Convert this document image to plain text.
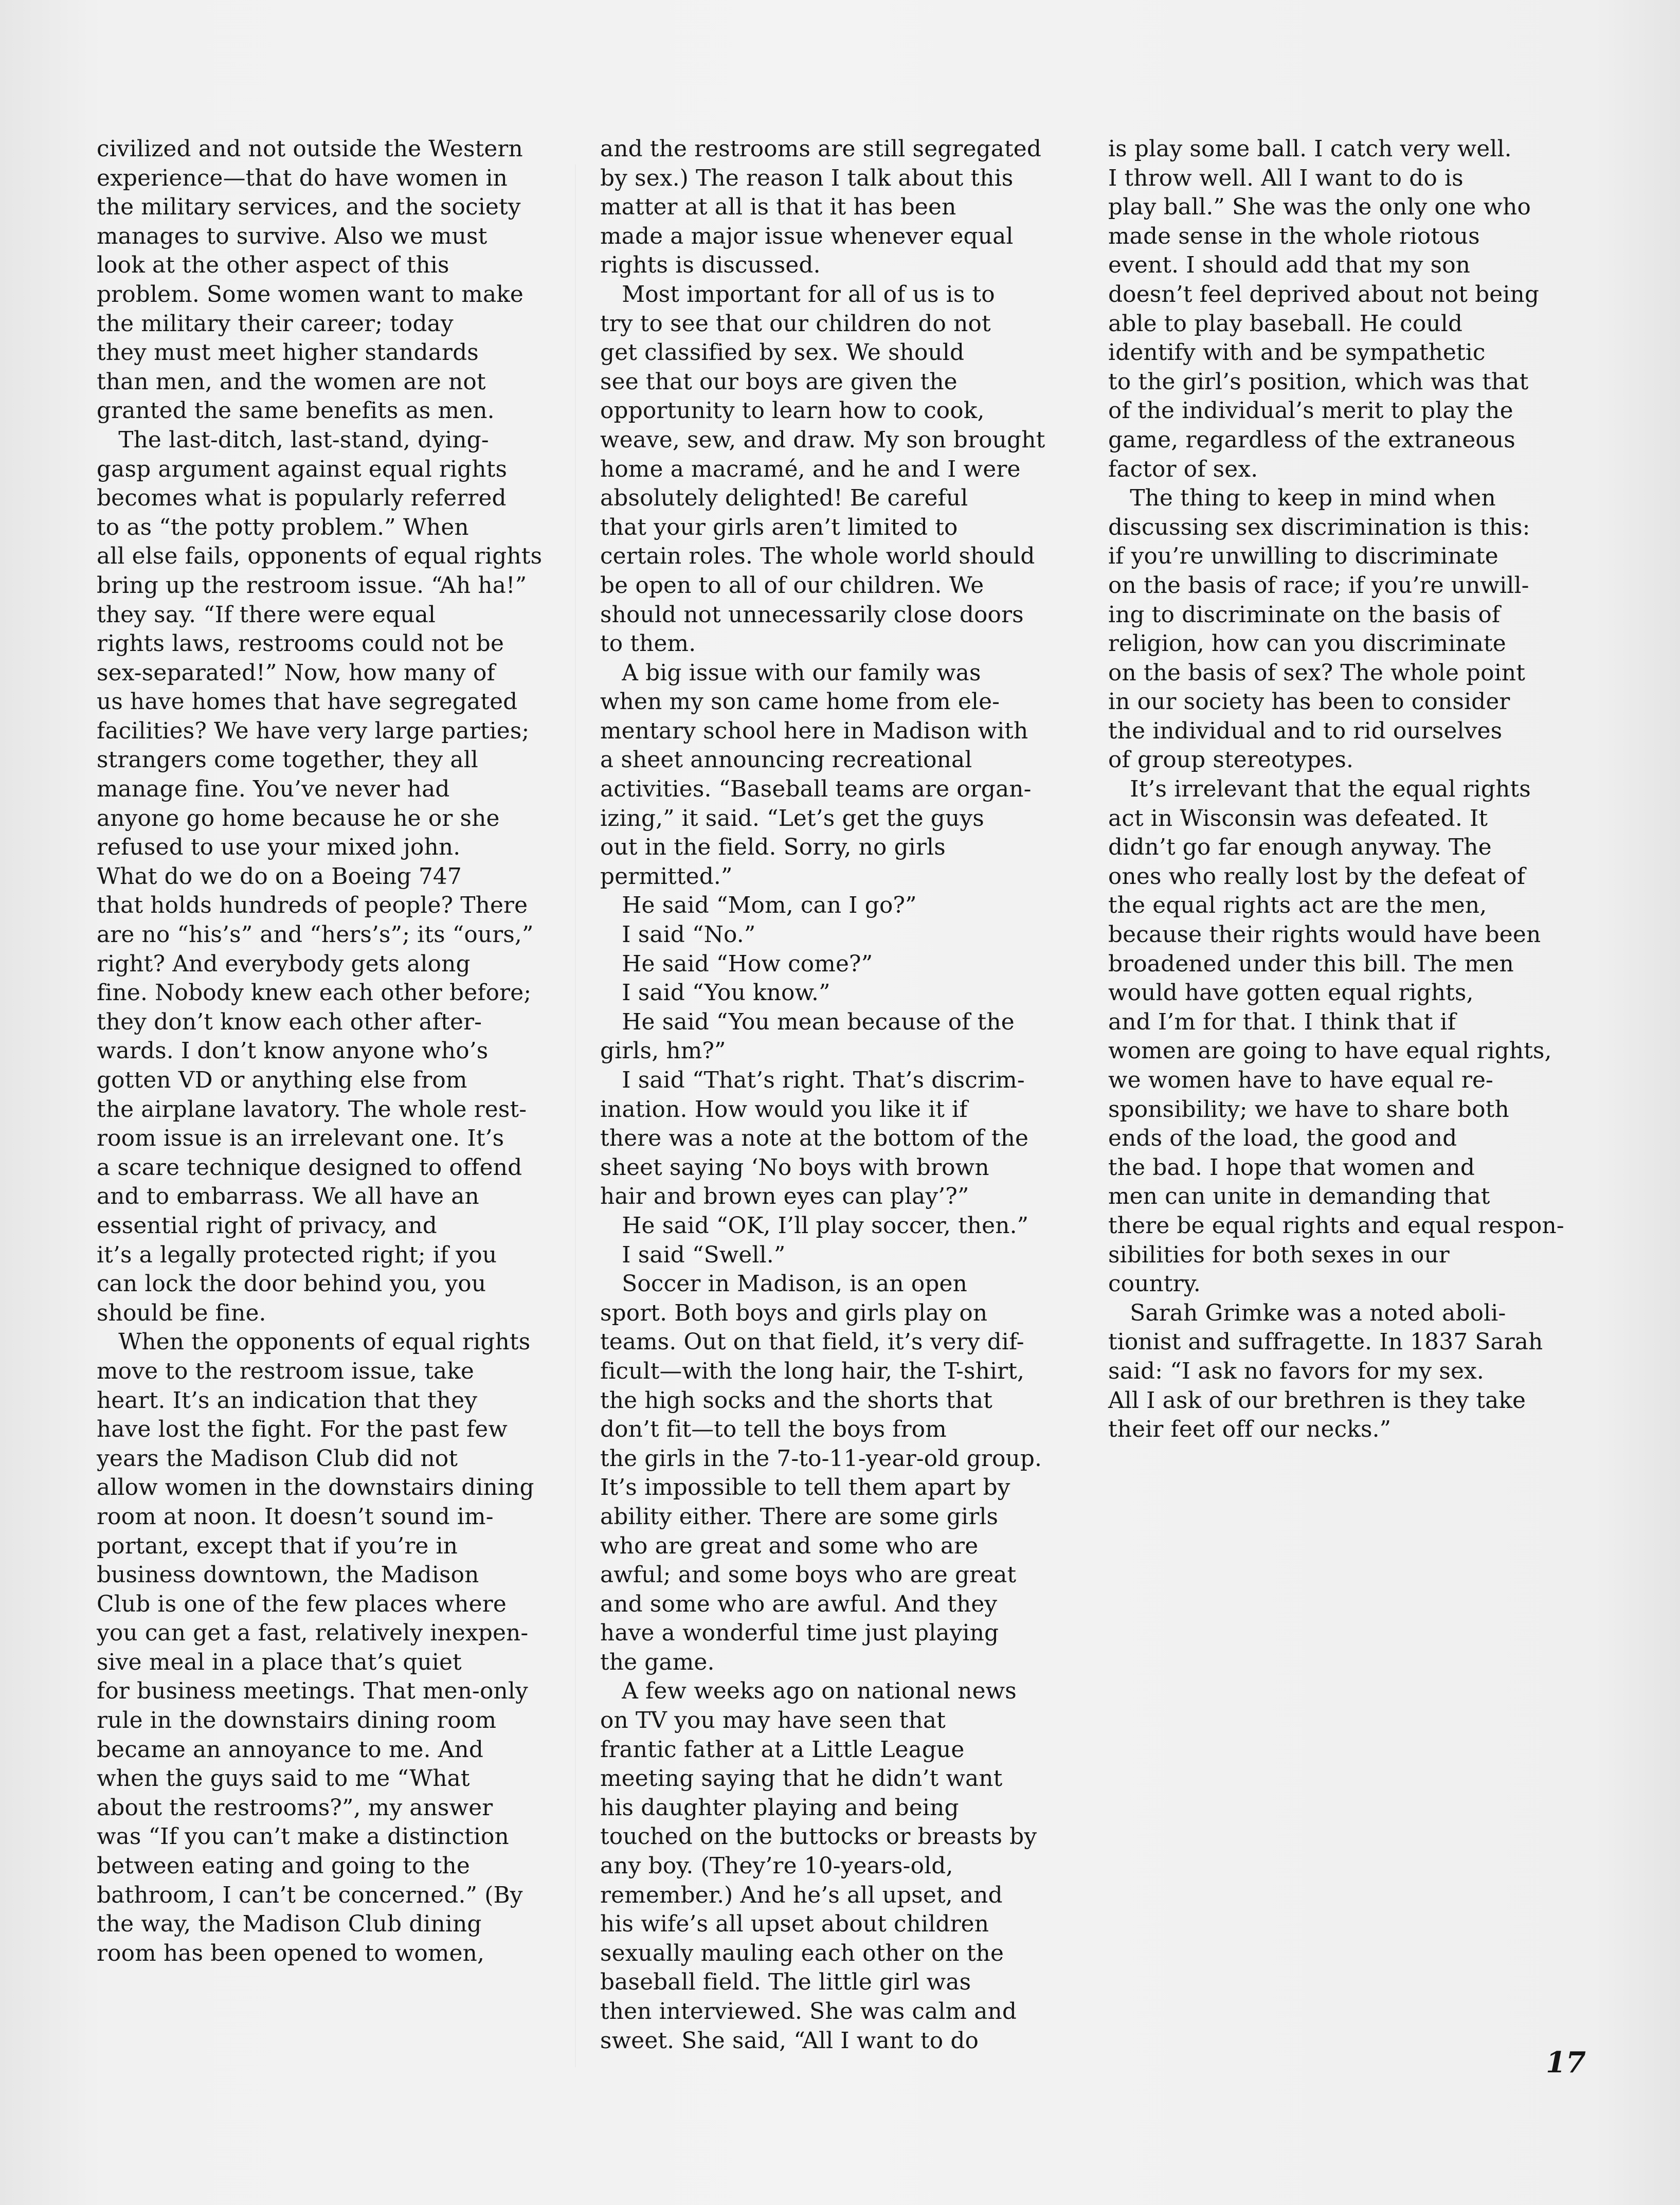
civilized and not outside the Western
experience—that do have women in
the military services, and the society
manages to survive. Also we must
look at the other aspect of this
problem. Some women want to make
the military their career; today
they must meet higher standards
than men, and the women are not
granted the same benefits as men.
The last-ditch, last-stand, dying-
gasp argument against equal rights
becomes what is popularly referred
to as “the potty problem.” When
all else fails, opponents of equal rights
bring up the restroom issue. “Ah ha!”
they say. “If there were equal
rights laws, restrooms could not be
sex-separated!” Now, how many of
us have homes that have segregated
facilities? We have very large parties;
strangers come together, they all
manage fine. You’ve never had
anyone go home because he or she
refused to use your mixed john.
What do we do on a Boeing 747
that holds hundreds of people? There
are no “his’s” and “hers’s”; its “ours,”
right? And everybody gets along
fine. Nobody knew each other before;
they don’t know each other after-
wards. I don’t know anyone who’s
gotten VD or anything else from
the airplane lavatory. The whole rest-
room issue is an irrelevant one. It’s
a scare technique designed to offend
and to embarrass. We all have an
essential right of privacy, and
it’s a legally protected right; if you
can lock the door behind you, you
should be fine.
When the opponents of equal rights
move to the restroom issue, take
heart. It’s an indication that they
have lost the fight. For the past few
years the Madison Club did not
allow women in the downstairs dining
room at noon. It doesn’t sound im-
portant, except that if you’re in
business downtown, the Madison
Club is one of the few places where
you can get a fast, relatively inexpen-
sive meal in a place that’s quiet
for business meetings. That men-only
rule in the downstairs dining room
became an annoyance to me. And
when the guys said to me “What
about the restrooms?”, my answer
was “If you can’t make a distinction
between eating and going to the
bathroom, I can’t be concerned.” (By
the way, the Madison Club dining
room has been opened to women,
and the restrooms are still segregated
by sex.) The reason I talk about this
matter at all is that it has been
made a major issue whenever equal
rights is discussed.
Most important for all of us is to
try to see that our children do not
get classified by sex. We should
see that our boys are given the
opportunity to learn how to cook,
weave, sew, and draw. My son brought
home a macramé, and he and I were
absolutely delighted! Be careful
that your girls aren’t limited to
certain roles. The whole world should
be open to all of our children. We
should not unnecessarily close doors
to them.
A big issue with our family was
when my son came home from ele-
mentary school here in Madison with
a sheet announcing recreational
activities. “Baseball teams are organ-
izing,” it said. “Let’s get the guys
out in the field. Sorry, no girls
permitted.”
He said “Mom, can I go?”
I said “No.”
He said “How come?”
I said “You know.”
He said “You mean because of the
girls, hm?”
I said “That’s right. That’s discrim-
ination. How would you like it if
there was a note at the bottom of the
sheet saying ‘No boys with brown
hair and brown eyes can play’?”
He said “OK, I’ll play soccer, then.”
I said “Swell.”
Soccer in Madison, is an open
sport. Both boys and girls play on
teams. Out on that field, it’s very dif-
ficult—with the long hair, the T-shirt,
the high socks and the shorts that
don’t fit—to tell the boys from
the girls in the 7-to-11-year-old group.
It’s impossible to tell them apart by
ability either. There are some girls
who are great and some who are
awful; and some boys who are great
and some who are awful. And they
have a wonderful time just playing
the game.
A few weeks ago on national news
on TV you may have seen that
frantic father at a Little League
meeting saying that he didn’t want
his daughter playing and being
touched on the buttocks or breasts by
any boy. (They’re 10-years-old,
remember.) And he’s all upset, and
his wife’s all upset about children
sexually mauling each other on the
baseball field. The little girl was
then interviewed. She was calm and
sweet. She said, “All I want to do
is play some ball. I catch very well.
I throw well. All I want to do is
play ball.” She was the only one who
made sense in the whole riotous
event. I should add that my son
doesn’t feel deprived about not being
able to play baseball. He could
identify with and be sympathetic
to the girl’s position, which was that
of the individual’s merit to play the
game, regardless of the extraneous
factor of sex.
The thing to keep in mind when
discussing sex discrimination is this:
if you’re unwilling to discriminate
on the basis of race; if you’re unwill-
ing to discriminate on the basis of
religion, how can you discriminate
on the basis of sex? The whole point
in our society has been to consider
the individual and to rid ourselves
of group stereotypes.
It’s irrelevant that the equal rights
act in Wisconsin was defeated. It
didn’t go far enough anyway. The
ones who really lost by the defeat of
the equal rights act are the men,
because their rights would have been
broadened under this bill. The men
would have gotten equal rights,
and I’m for that. I think that if
women are going to have equal rights,
we women have to have equal re-
sponsibility; we have to share both
ends of the load, the good and
the bad. I hope that women and
men can unite in demanding that
there be equal rights and equal respon-
sibilities for both sexes in our
country.
Sarah Grimke was a noted aboli-
tionist and suffragette. In 1837 Sarah
said: “I ask no favors for my sex.
All I ask of our brethren is they take
their feet off our necks.”
17
